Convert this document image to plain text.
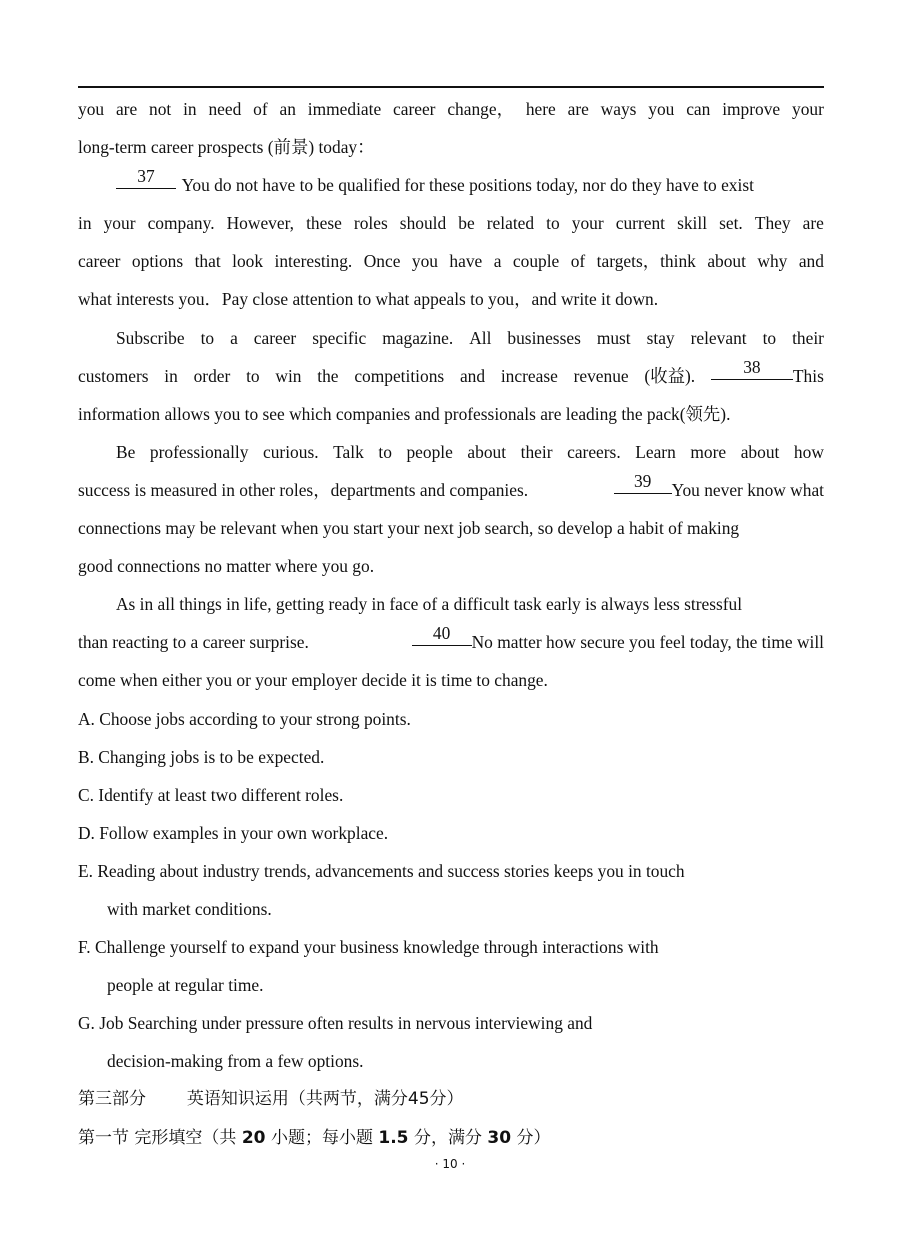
you are not in need of an immediate career change， here are ways you can improve your
long-term career prospects (前景) today：
37	You do not have to be qualified for these positions today, nor do they have to exist
in your company. However, these roles should be related to your current skill set. They are
career options that look interesting. Once you have a couple of targets，think about why and
what interests you．Pay close attention to what appeals to you，and write it down.
Subscribe to a career specific magazine. All businesses must stay relevant to their
customers in order to win the competitions and increase revenue (收益).	38	This
information allows you to see which companies and professionals are leading the pack(领先).
Be professionally curious. Talk to people about their careers. Learn more about how
success is measured in other roles，departments and companies.	39	You never know what
connections may be relevant when you start your next job search, so develop a habit of making
good connections no matter where you go.
As in all things in life, getting ready in face of a difficult task early is always less stressful
than reacting to a career surprise.	40	No matter how secure you feel today, the time will
come when either you or your employer decide it is time to change.
A. Choose jobs according to your strong points.
B. Changing jobs is to be expected.
C. Identify at least two different roles.
D. Follow examples in your own workplace.
E. Reading about industry trends, advancements and success stories keeps you in touch
with market conditions.
F. Challenge yourself to expand your business knowledge through interactions with
people at regular time.
G. Job Searching under pressure often results in nervous interviewing and
decision-making from a few options.
第三部分 英语知识运用（共两节，满分45分）
第一节 完形填空（共 20 小题；每小题 1.5 分，满分 30 分）
· 10 ·
